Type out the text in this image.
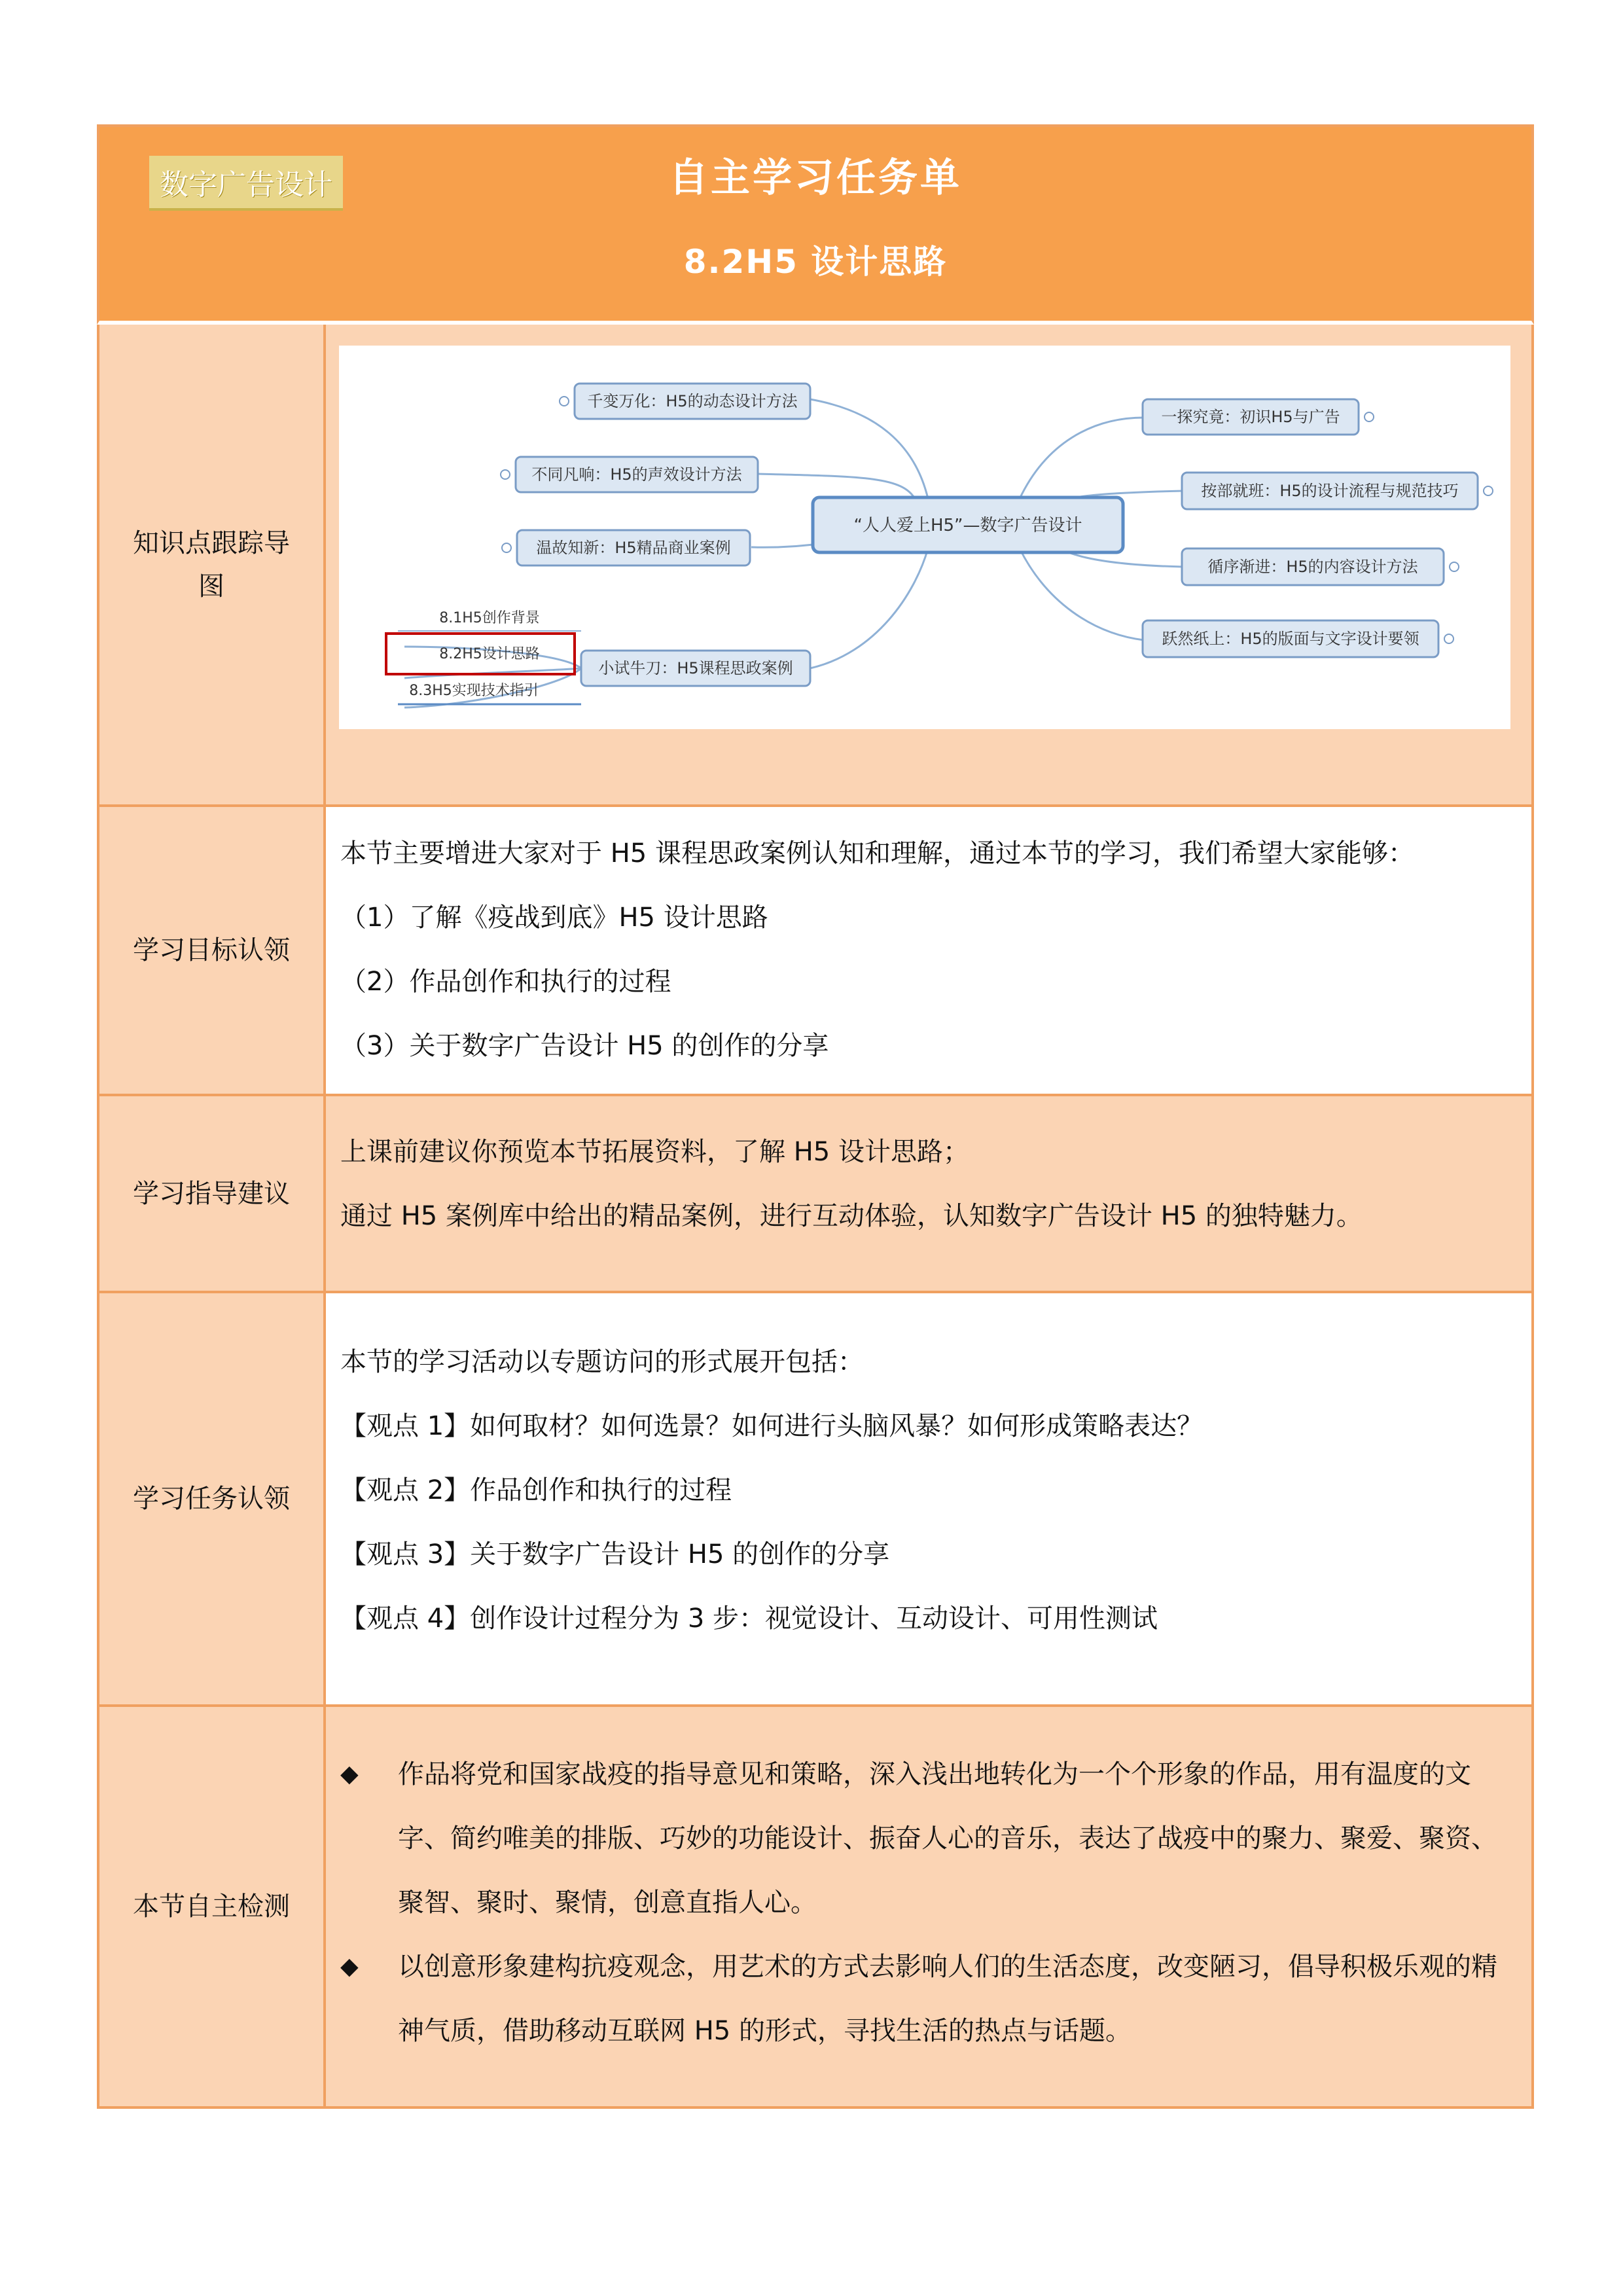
数字广告设计	自主学习任务单
8.2H5 设计思路
知识点跟踪导图
千变万化：H5的动态设计方法
不同凡响：H5的声效设计方法
温故知新：H5精品商业案例
小试牛刀：H5课程思政案例
“人人爱上H5”—数字广告设计
一探究竟：初识H5与广告
按部就班：H5的设计流程与规范技巧
循序渐进：H5的内容设计方法
跃然纸上：H5的版面与文字设计要领
8.1H5创作背景
8.2H5设计思路
8.3H5实现技术指引
学习目标认领
本节主要增进大家对于 H5 课程思政案例认知和理解，通过本节的学习，我们希望大家能够：
（1）了解《疫战到底》H5 设计思路
（2）作品创作和执行的过程
（3）关于数字广告设计 H5 的创作的分享
学习指导建议
上课前建议你预览本节拓展资料，了解 H5 设计思路；
通过 H5 案例库中给出的精品案例，进行互动体验，认知数字广告设计 H5 的独特魅力。
学习任务认领
本节的学习活动以专题访问的形式展开包括：
【观点 1】如何取材？如何选景？如何进行头脑风暴？如何形成策略表达？
【观点 2】作品创作和执行的过程
【观点 3】关于数字广告设计 H5 的创作的分享
【观点 4】创作设计过程分为 3 步：视觉设计、互动设计、可用性测试
本节自主检测
◆	作品将党和国家战疫的指导意见和策略，深入浅出地转化为一个个形象的作品，用有温度的文字、简约唯美的排版、巧妙的功能设计、振奋人心的音乐，表达了战疫中的聚力、聚爱、聚资、聚智、聚时、聚情，创意直指人心。
◆	以创意形象建构抗疫观念，用艺术的方式去影响人们的生活态度，改变陋习，倡导积极乐观的精神气质，借助移动互联网 H5 的形式，寻找生活的热点与话题。
